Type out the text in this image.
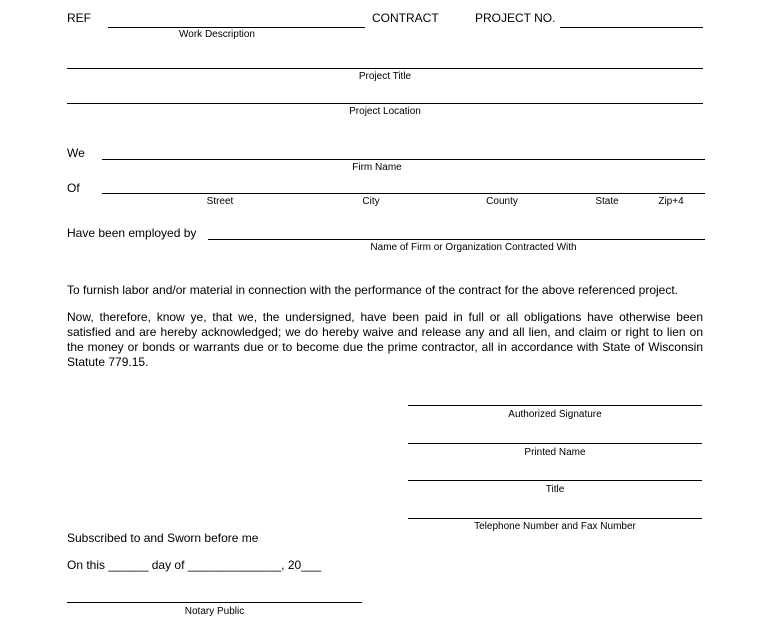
REF
Work Description
CONTRACT	PROJECT NO.
Project Title
Project Location
We
Firm Name
Of
Street	City	County	State	Zip+4
Have been employed by
Name of Firm or Organization Contracted With
To furnish labor and/or material in connection with the performance of the contract for the above referenced project.
Now, therefore, know ye, that we, the undersigned, have been paid in full or all obligations have otherwise been satisfied and are hereby acknowledged; we do hereby waive and release any and all lien, and claim or right to lien on the money or bonds or warrants due or to become due the prime contractor, all in accordance with State of Wisconsin Statute 779.15.
Authorized Signature
Printed Name
Title
Telephone Number and Fax Number
Subscribed to and Sworn before me
On this ______ day of ______________, 20___
Notary Public
